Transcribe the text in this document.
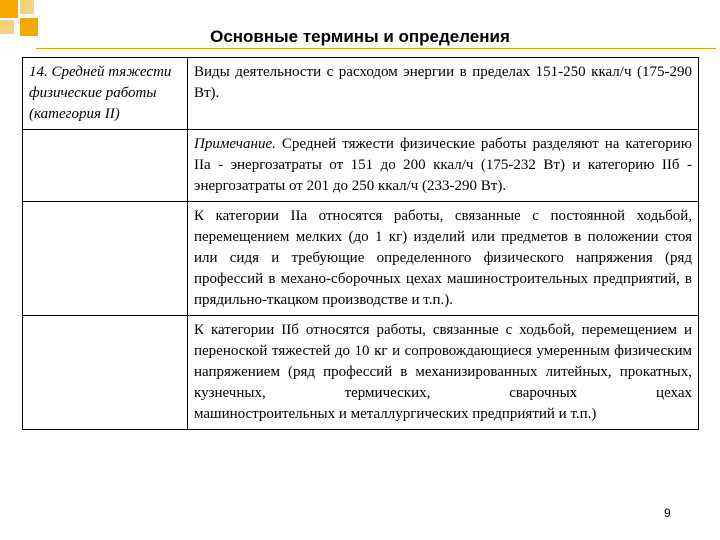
Основные термины и определения
14. Средней тяжести физические работы (категория II)	Виды деятельности с расходом энергии в пределах 151-250 ккал/ч (175-290 Вт).
	Примечание. Средней тяжести физические работы разделяют на категорию IIа - энергозатраты от 151 до 200 ккал/ч (175-232 Вт) и категорию IIб - энергозатраты от 201 до 250 ккал/ч (233-290 Вт).
	К категории IIа относятся работы, связанные с постоянной ходьбой, перемещением мелких (до 1 кг) изделий или предметов в положении стоя или сидя и требующие определенного физического напряжения (ряд профессий в механо-сборочных цехах машиностроительных предприятий, в прядильно-ткацком производстве и т.п.).

	К категории IIб относятся работы, связанные с ходьбой, перемещением и переноской тяжестей до 10 кг и сопровождающиеся умеренным физическим напряжением (ряд профессий в механизированных литейных, прокатных, кузнечных, термических, сварочных цехах
машиностроительных и металлургических предприятий и т.п.)
9
